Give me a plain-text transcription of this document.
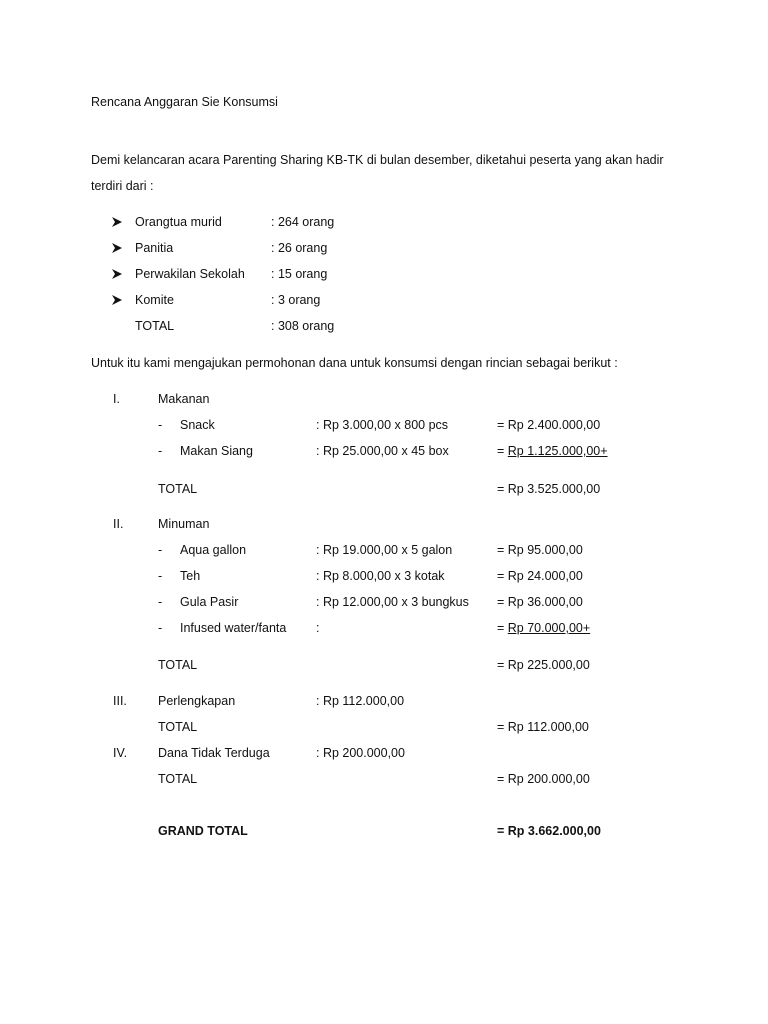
Rencana Anggaran Sie Konsumsi
Demi kelancaran acara Parenting Sharing KB-TK di bulan desember, diketahui peserta yang akan hadir
terdiri dari :
Orangtua murid	: 264 orang
Panitia	: 26 orang
Perwakilan Sekolah : 15 orang
Komite	: 3 orang
TOTAL	: 308 orang
Untuk itu kami mengajukan permohonan dana untuk konsumsi dengan rincian sebagai berikut :
I.	Makanan
- Snack	: Rp 3.000,00 x 800 pcs	= Rp 2.400.000,00
- Makan Siang	: Rp 25.000,00 x 45 box	= Rp 1.125.000,00+
TOTAL	= Rp 3.525.000,00
II.	Minuman
- Aqua gallon	: Rp 19.000,00 x 5 galon	= Rp 95.000,00
- Teh	: Rp 8.000,00 x 3 kotak	= Rp 24.000,00
- Gula Pasir	: Rp 12.000,00 x 3 bungkus = Rp 36.000,00
- Infused water/fanta :	= Rp 70.000,00+
TOTAL	= Rp 225.000,00
III. Perlengkapan	: Rp 112.000,00
TOTAL	= Rp 112.000,00
IV. Dana Tidak Terduga	: Rp 200.000,00
TOTAL	= Rp 200.000,00
GRAND TOTAL	= Rp 3.662.000,00
